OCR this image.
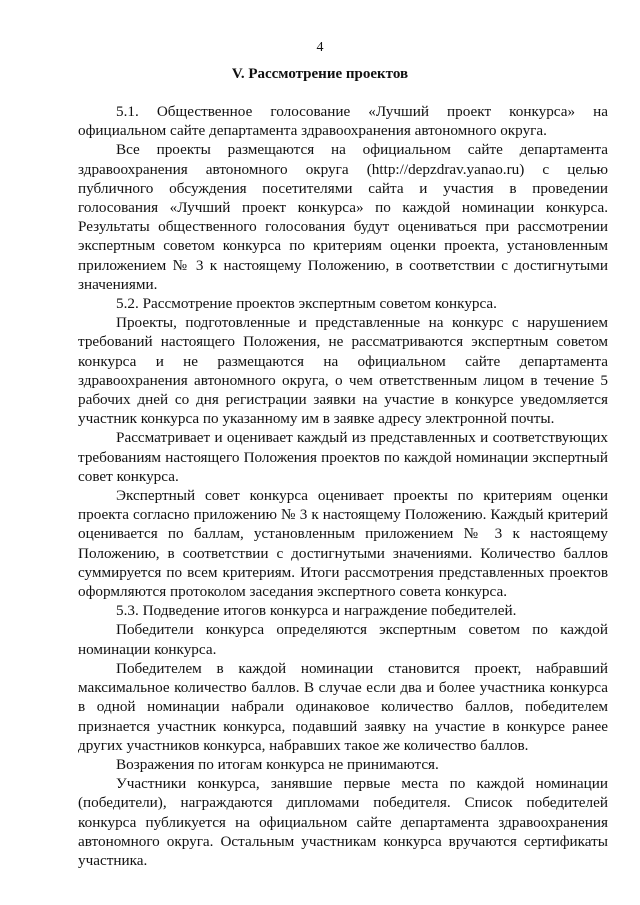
4
V. Рассмотрение проектов

5.1. Общественное голосование «Лучший проект конкурса» на официальном сайте департамента здравоохранения автономного округа.

Все проекты размещаются на официальном сайте департамента здравоохранения автономного округа (http://depzdrav.yanao.ru) с целью публичного обсуждения посетителями сайта и участия в проведении голосования «Лучший проект конкурса» по каждой номинации конкурса. Результаты общественного голосования будут оцениваться при рассмотрении экспертным советом конкурса по критериям оценки проекта, установленным приложением № 3 к настоящему Положению, в соответствии с достигнутыми значениями.

5.2. Рассмотрение проектов экспертным советом конкурса.

Проекты, подготовленные и представленные на конкурс с нарушением требований настоящего Положения, не рассматриваются экспертным советом конкурса и не размещаются на официальном сайте департамента здравоохранения автономного округа, о чем ответственным лицом в течение 5 рабочих дней со дня регистрации заявки на участие в конкурсе уведомляется участник конкурса по указанному им в заявке адресу электронной почты.

Рассматривает и оценивает каждый из представленных и соответствующих требованиям настоящего Положения проектов по каждой номинации экспертный совет конкурса.

Экспертный совет конкурса оценивает проекты по критериям оценки проекта согласно приложению № 3 к настоящему Положению. Каждый критерий оценивается по баллам, установленным приложением № 3 к настоящему Положению, в соответствии с достигнутыми значениями. Количество баллов суммируется по всем критериям. Итоги рассмотрения представленных проектов оформляются протоколом заседания экспертного совета конкурса.

5.3. Подведение итогов конкурса и награждение победителей.

Победители конкурса определяются экспертным советом по каждой номинации конкурса.

Победителем в каждой номинации становится проект, набравший максимальное количество баллов. В случае если два и более участника конкурса в одной номинации набрали одинаковое количество баллов, победителем признается участник конкурса, подавший заявку на участие в конкурсе ранее других участников конкурса, набравших такое же количество баллов.

Возражения по итогам конкурса не принимаются.

Участники конкурса, занявшие первые места по каждой номинации (победители), награждаются дипломами победителя. Список победителей конкурса публикуется на официальном сайте департамента здравоохранения автономного округа. Остальным участникам конкурса вручаются сертификаты участника.
